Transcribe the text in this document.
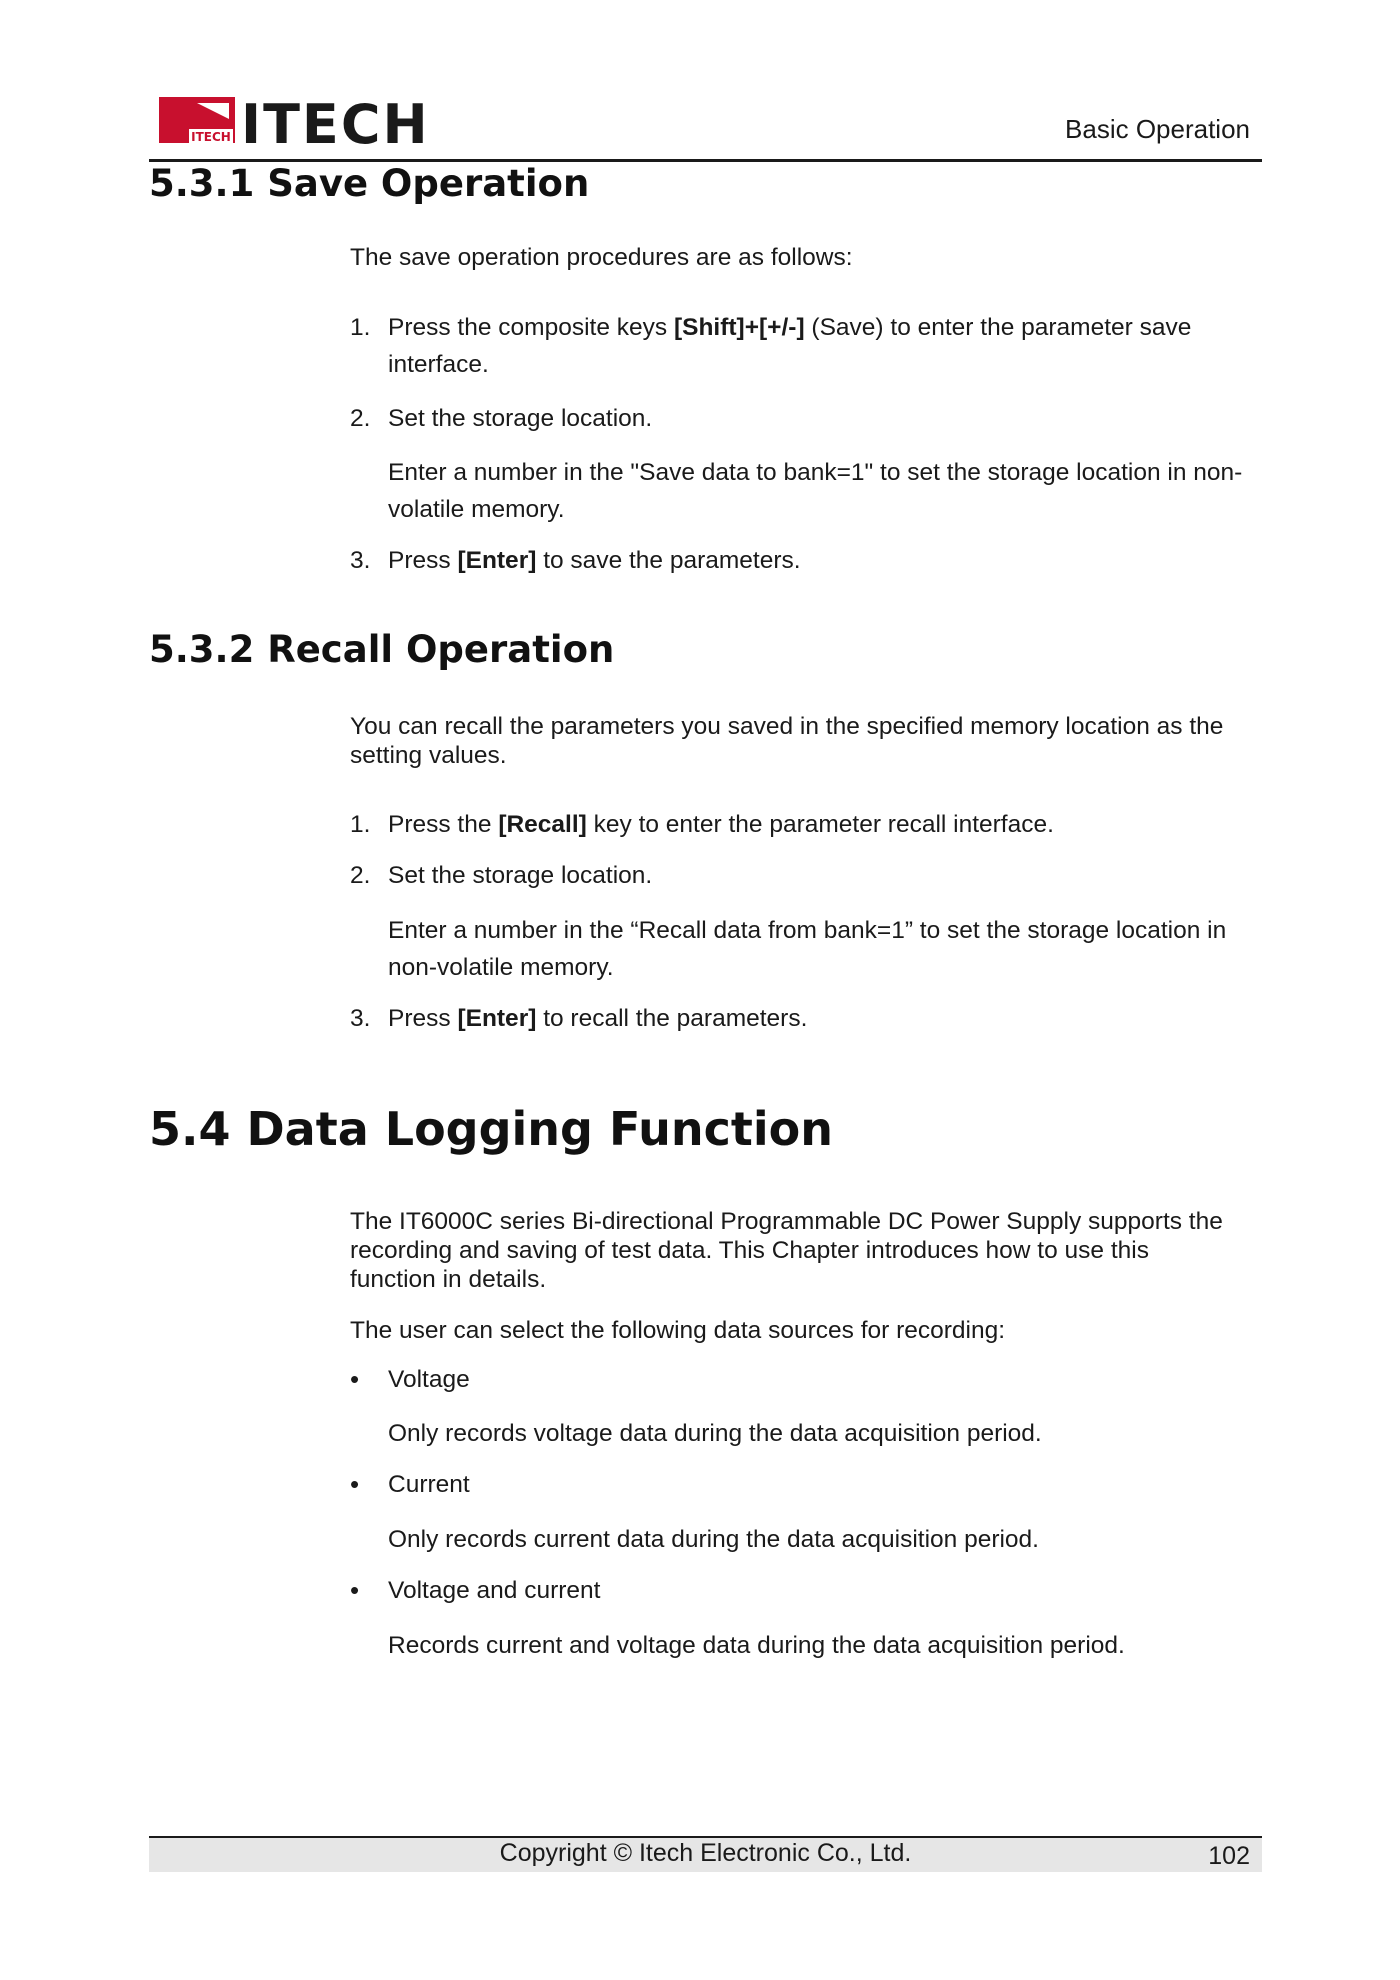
ITECH ITECH	Basic Operation
5.3.1 Save Operation

The save operation procedures are as follows:

1. Press the composite keys [Shift]+[+/-] (Save) to enter the parameter save interface.
2. Set the storage location.

Enter a number in the "Save data to bank=1" to set the storage location in non-volatile memory.

3. Press [Enter] to save the parameters.
5.3.2 Recall Operation

You can recall the parameters you saved in the specified memory location as the setting values.

1. Press the [Recall] key to enter the parameter recall interface.
2. Set the storage location.

Enter a number in the “Recall data from bank=1” to set the storage location in non-volatile memory.

3. Press [Enter] to recall the parameters.
5.4 Data Logging Function

The IT6000C series Bi-directional Programmable DC Power Supply supports the recording and saving of test data. This Chapter introduces how to use this function in details.

The user can select the following data sources for recording:

• Voltage

Only records voltage data during the data acquisition period.

• Current

Only records current data during the data acquisition period.

• Voltage and current

Records current and voltage data during the data acquisition period.

Copyright © Itech Electronic Co., Ltd.	102
